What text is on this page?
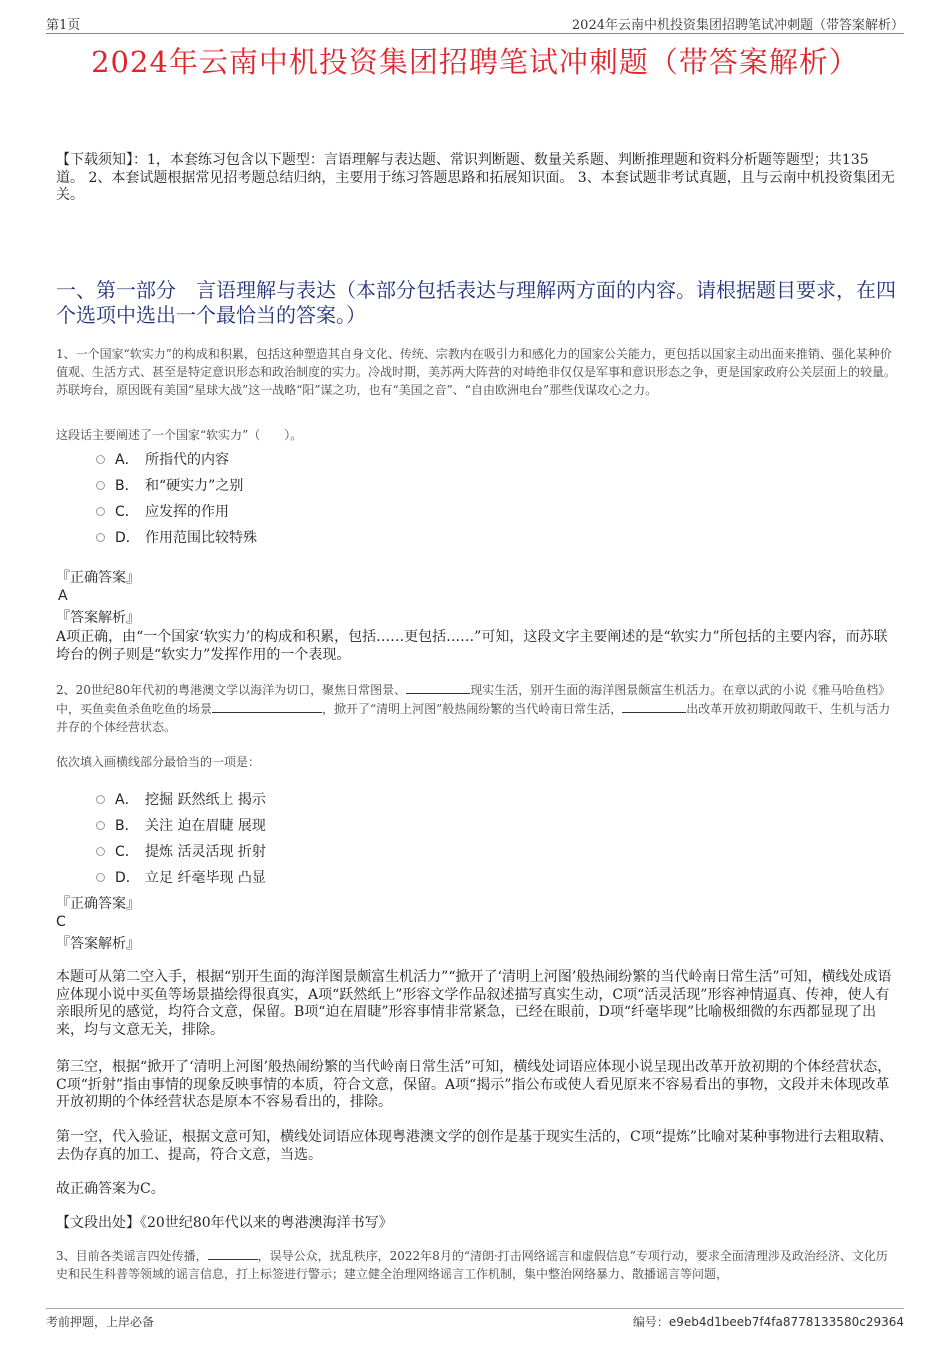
第1页	2024年云南中机投资集团招聘笔试冲刺题（带答案解析）
2024年云南中机投资集团招聘笔试冲刺题（带答案解析）
【下载须知】：1，本套练习包含以下题型：言语理解与表达题、常识判断题、数量关系题、判断推理题和资料分析题等题型；共135道。 2、本套试题根据常见招考题总结归纳，主要用于练习答题思路和拓展知识面。 3、本套试题非考试真题，且与云南中机投资集团无关。
一、第一部分　言语理解与表达（本部分包括表达与理解两方面的内容。请根据题目要求，在四个选项中选出一个最恰当的答案。）
1、一个国家“软实力”的构成和积累，包括这种塑造其自身文化、传统、宗教内在吸引力和感化力的国家公关能力，更包括以国家主动出面来推销、强化某种价值观、生活方式、甚至是特定意识形态和政治制度的实力。冷战时期，美苏两大阵营的对峙绝非仅仅是军事和意识形态之争，更是国家政府公关层面上的较量。苏联垮台，原因既有美国“星球大战”这一战略“阳”谋之功，也有“美国之音”、“自由欧洲电台”那些伐谋攻心之力。
这段话主要阐述了一个国家“软实力”（　　）。
A． 所指代的内容
B． 和“硬实力”之别
C． 应发挥的作用
D． 作用范围比较特殊
『正确答案』
A
『答案解析』
A项正确，由“一个国家‘软实力’的构成和积累，包括……更包括……”可知，这段文字主要阐述的是“软实力”所包括的主要内容，而苏联垮台的例子则是“软实力”发挥作用的一个表现。
2、20世纪80年代初的粤港澳文学以海洋为切口，聚焦日常图景、	现实生活，别开生面的海洋图景颇富生机活力。在章以武的小说《雅马哈鱼档》中，买鱼卖鱼杀鱼吃鱼的场景	，掀开了“清明上河图”般热闹纷繁的当代岭南日常生活，	出改革开放初期敢闯敢干、生机与活力并存的个体经营状态。
依次填入画横线部分最恰当的一项是：
A． 挖掘 跃然纸上 揭示
B． 关注 迫在眉睫 展现
C． 提炼 活灵活现 折射
D． 立足 纤毫毕现 凸显
『正确答案』
C
『答案解析』
本题可从第二空入手，根据“别开生面的海洋图景颇富生机活力”“掀开了‘清明上河图’般热闹纷繁的当代岭南日常生活”可知，横线处成语应体现小说中买鱼等场景描绘得很真实，A项“跃然纸上”形容文学作品叙述描写真实生动，C项“活灵活现”形容神情逼真、传神，使人有亲眼所见的感觉，均符合文意，保留。B项“迫在眉睫”形容事情非常紧急，已经在眼前，D项“纤毫毕现”比喻极细微的东西都显现了出来，均与文意无关，排除。
第三空，根据“掀开了‘清明上河图’般热闹纷繁的当代岭南日常生活”可知，横线处词语应体现小说呈现出改革开放初期的个体经营状态，C项“折射”指由事情的现象反映事情的本质，符合文意，保留。A项“揭示”指公布或使人看见原来不容易看出的事物，文段并未体现改革开放初期的个体经营状态是原本不容易看出的，排除。
第一空，代入验证，根据文意可知，横线处词语应体现粤港澳文学的创作是基于现实生活的，C项“提炼”比喻对某种事物进行去粗取精、去伪存真的加工、提高，符合文意，当选。
故正确答案为C。
【文段出处】《20世纪80年代以来的粤港澳海洋书写》
3、目前各类谣言四处传播，	，误导公众，扰乱秩序，2022年8月的“清朗·打击网络谣言和虚假信息”专项行动，要求全面清理涉及政治经济、文化历史和民生科普等领域的谣言信息，打上标签进行警示；建立健全治理网络谣言工作机制，集中整治网络暴力、散播谣言等问题，
考前押题，上岸必备	编号：e9eb4d1beeb7f4fa8778133580c29364
